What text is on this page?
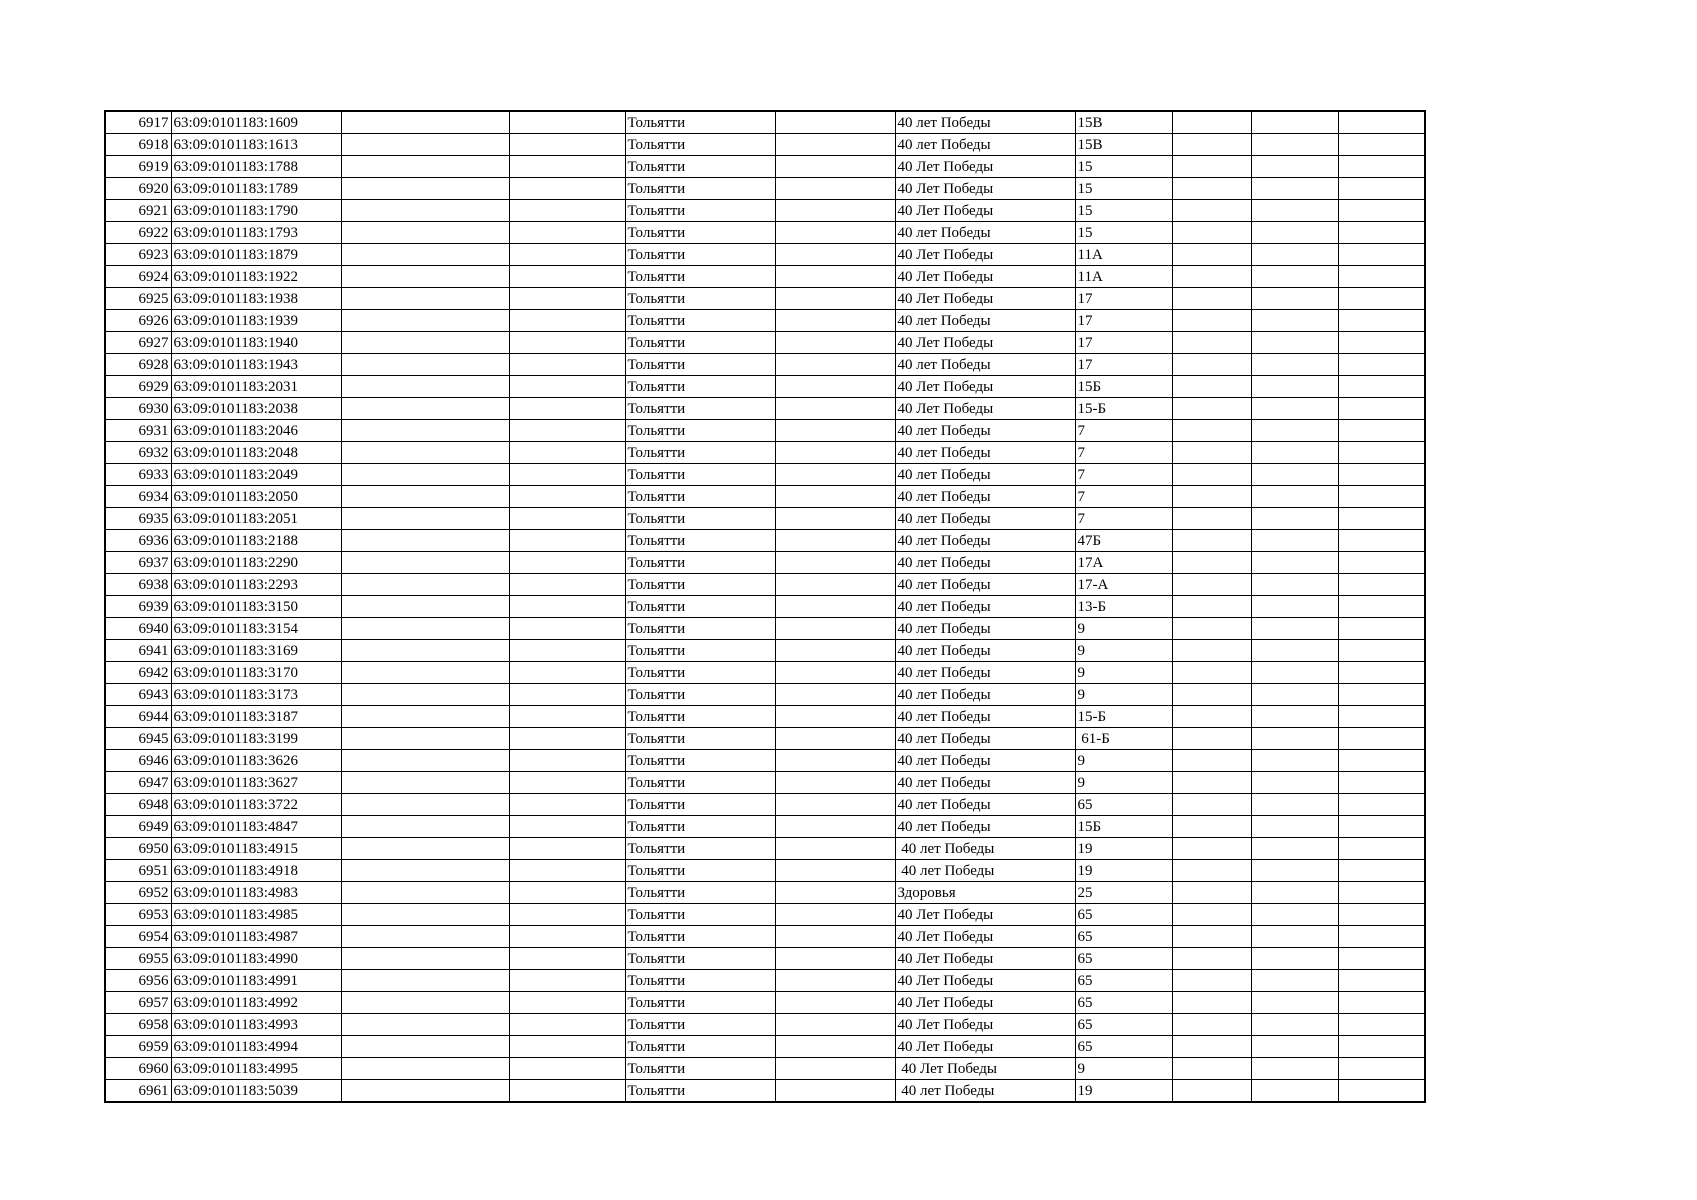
6917	63:09:0101183:1609			Тольятти		40 лет Победы	15В			
6918	63:09:0101183:1613			Тольятти		40 лет Победы	15В			
6919	63:09:0101183:1788			Тольятти		40 Лет Победы	15			
6920	63:09:0101183:1789			Тольятти		40 Лет Победы	15			
6921	63:09:0101183:1790			Тольятти		40 Лет Победы	15			
6922	63:09:0101183:1793			Тольятти		40 лет Победы	15			
6923	63:09:0101183:1879			Тольятти		40 Лет Победы	11А			
6924	63:09:0101183:1922			Тольятти		40 Лет Победы	11А			
6925	63:09:0101183:1938			Тольятти		40 Лет Победы	17			
6926	63:09:0101183:1939			Тольятти		40 лет Победы	17			
6927	63:09:0101183:1940			Тольятти		40 Лет Победы	17			
6928	63:09:0101183:1943			Тольятти		40 лет Победы	17			
6929	63:09:0101183:2031			Тольятти		40 Лет Победы	15Б			
6930	63:09:0101183:2038			Тольятти		40 Лет Победы	15-Б			
6931	63:09:0101183:2046			Тольятти		40 лет Победы	7			
6932	63:09:0101183:2048			Тольятти		40 лет Победы	7			
6933	63:09:0101183:2049			Тольятти		40 лет Победы	7			
6934	63:09:0101183:2050			Тольятти		40 лет Победы	7			
6935	63:09:0101183:2051			Тольятти		40 лет Победы	7			
6936	63:09:0101183:2188			Тольятти		40 лет Победы	47Б			
6937	63:09:0101183:2290			Тольятти		40 лет Победы	17А			
6938	63:09:0101183:2293			Тольятти		40 лет Победы	17-А			
6939	63:09:0101183:3150			Тольятти		40 лет Победы	13-Б			
6940	63:09:0101183:3154			Тольятти		40 лет Победы	9			
6941	63:09:0101183:3169			Тольятти		40 лет Победы	9			
6942	63:09:0101183:3170			Тольятти		40 лет Победы	9			
6943	63:09:0101183:3173			Тольятти		40 лет Победы	9			
6944	63:09:0101183:3187			Тольятти		40 лет Победы	15-Б			
6945	63:09:0101183:3199			Тольятти		40 лет Победы	61-Б			
6946	63:09:0101183:3626			Тольятти		40 лет Победы	9			
6947	63:09:0101183:3627			Тольятти		40 лет Победы	9			
6948	63:09:0101183:3722			Тольятти		40 лет Победы	65			
6949	63:09:0101183:4847			Тольятти		40 лет Победы	15Б			
6950	63:09:0101183:4915			Тольятти		40 лет Победы	19			
6951	63:09:0101183:4918			Тольятти		40 лет Победы	19			
6952	63:09:0101183:4983			Тольятти		Здоровья	25			
6953	63:09:0101183:4985			Тольятти		40 Лет Победы	65			
6954	63:09:0101183:4987			Тольятти		40 Лет Победы	65			
6955	63:09:0101183:4990			Тольятти		40 Лет Победы	65			
6956	63:09:0101183:4991			Тольятти		40 Лет Победы	65			
6957	63:09:0101183:4992			Тольятти		40 Лет Победы	65			
6958	63:09:0101183:4993			Тольятти		40 Лет Победы	65			
6959	63:09:0101183:4994			Тольятти		40 Лет Победы	65			
6960	63:09:0101183:4995			Тольятти		40 Лет Победы	9			
6961	63:09:0101183:5039			Тольятти		40 лет Победы	19			
